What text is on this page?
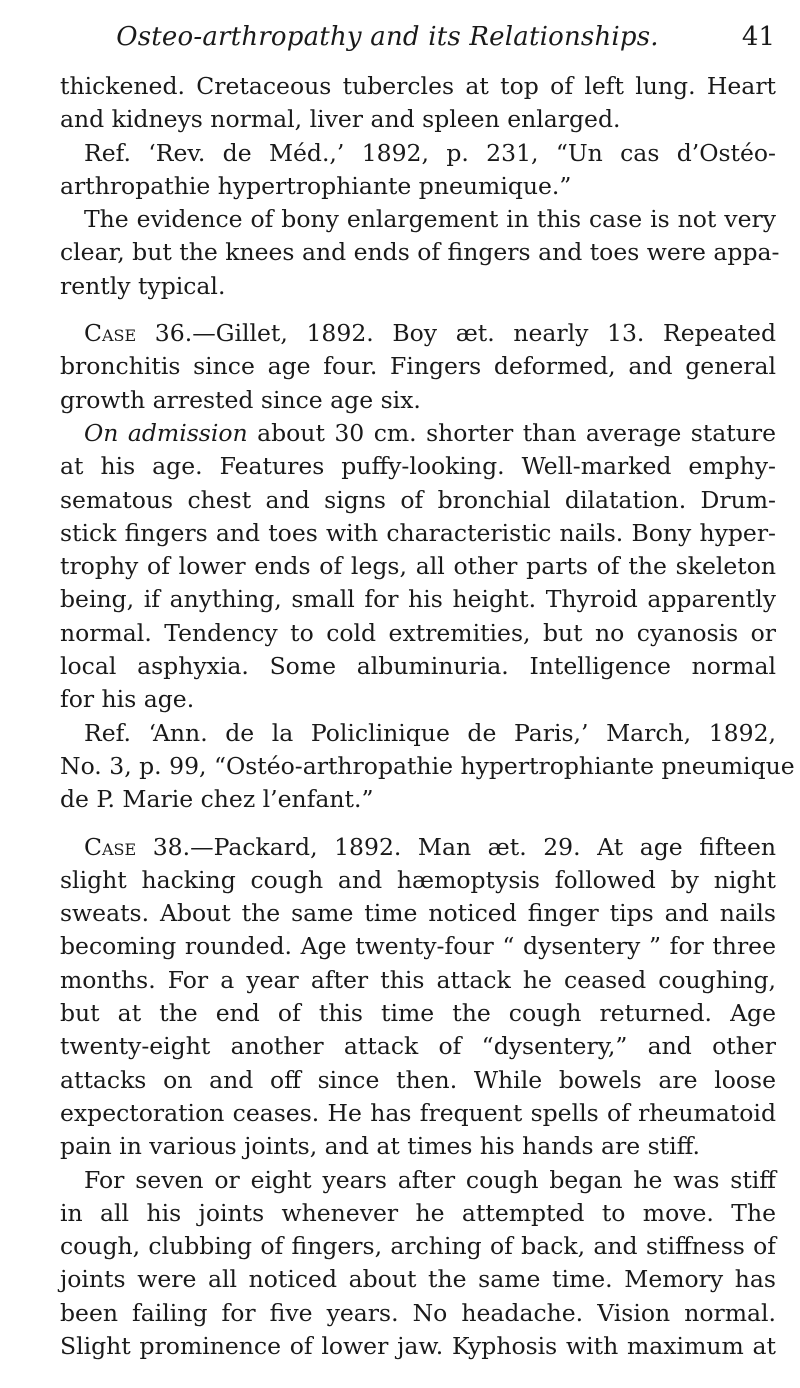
Osteo-arthropathy and its Relationships.	41
thickened. Cretaceous tubercles at top of left lung. Heart
and kidneys normal, liver and spleen enlarged.
Ref. ‘Rev. de Méd.,’ 1892, p. 231, “Un cas d’Ostéo-
arthropathie hypertrophiante pneumique.”
The evidence of bony enlargement in this case is not very
clear, but the knees and ends of fingers and toes were appa-
rently typical.
Case 36.—Gillet, 1892. Boy æt. nearly 13. Repeated
bronchitis since age four. Fingers deformed, and general
growth arrested since age six.
On admission about 30 cm. shorter than average stature
at his age. Features puffy-looking. Well-marked emphy-
sematous chest and signs of bronchial dilatation. Drum-
stick fingers and toes with characteristic nails. Bony hyper-
trophy of lower ends of legs, all other parts of the skeleton
being, if anything, small for his height. Thyroid apparently
normal. Tendency to cold extremities, but no cyanosis or
local asphyxia. Some albuminuria. Intelligence normal
for his age.
Ref. ‘Ann. de la Policlinique de Paris,’ March, 1892,
No. 3, p. 99, “Ostéo-arthropathie hypertrophiante pneumique
de P. Marie chez l’enfant.”
Case 38.—Packard, 1892. Man æt. 29. At age fifteen
slight hacking cough and hæmoptysis followed by night
sweats. About the same time noticed finger tips and nails
becoming rounded. Age twenty-four “ dysentery ” for three
months. For a year after this attack he ceased coughing,
but at the end of this time the cough returned. Age
twenty-eight another attack of “dysentery,” and other
attacks on and off since then. While bowels are loose
expectoration ceases. He has frequent spells of rheumatoid
pain in various joints, and at times his hands are stiff.
For seven or eight years after cough began he was stiff
in all his joints whenever he attempted to move. The
cough, clubbing of fingers, arching of back, and stiffness of
joints were all noticed about the same time. Memory has
been failing for five years. No headache. Vision normal.
Slight prominence of lower jaw. Kyphosis with maximum at
